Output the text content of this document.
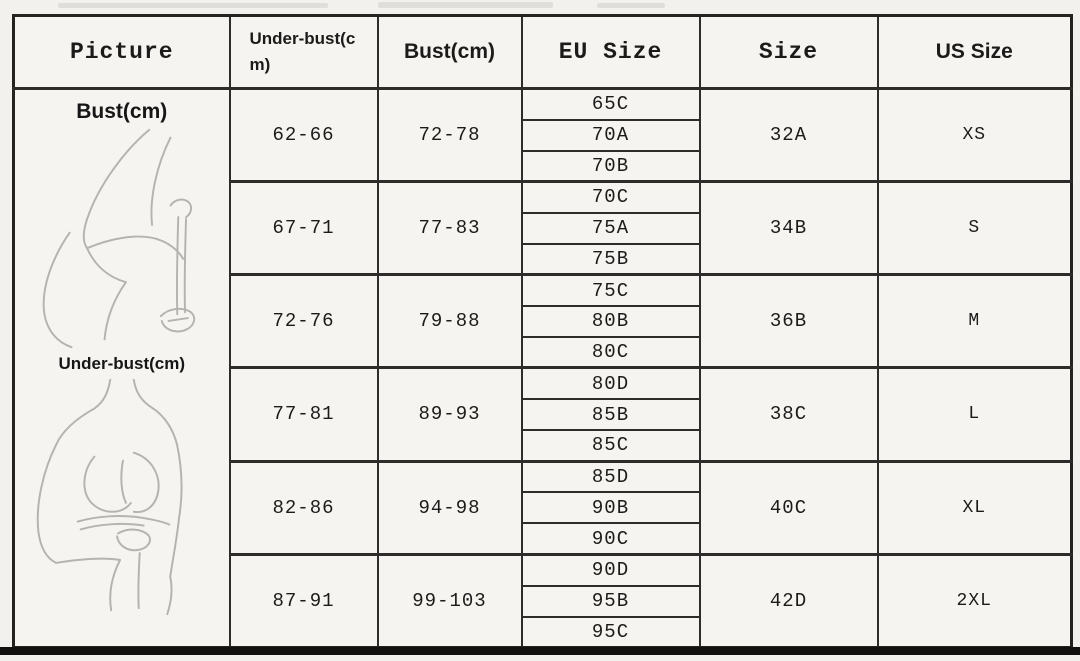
Picture	Under-bust(cm)	Bust(cm)	EU Size	Size	US Size

Bust(cm)
Under-bust(cm)	62-66	72-78	65C	32A	XS
			70A		
			70B		
	67-71	77-83	70C	34B	S
			75A		
			75B		
	72-76	79-88	75C	36B	M
			80B		
			80C		
	77-81	89-93	80D	38C	L
			85B		
			85C		
	82-86	94-98	85D	40C	XL
			90B		
			90C		
	87-91	99-103	90D	42D	2XL
			95B		
			95C		
